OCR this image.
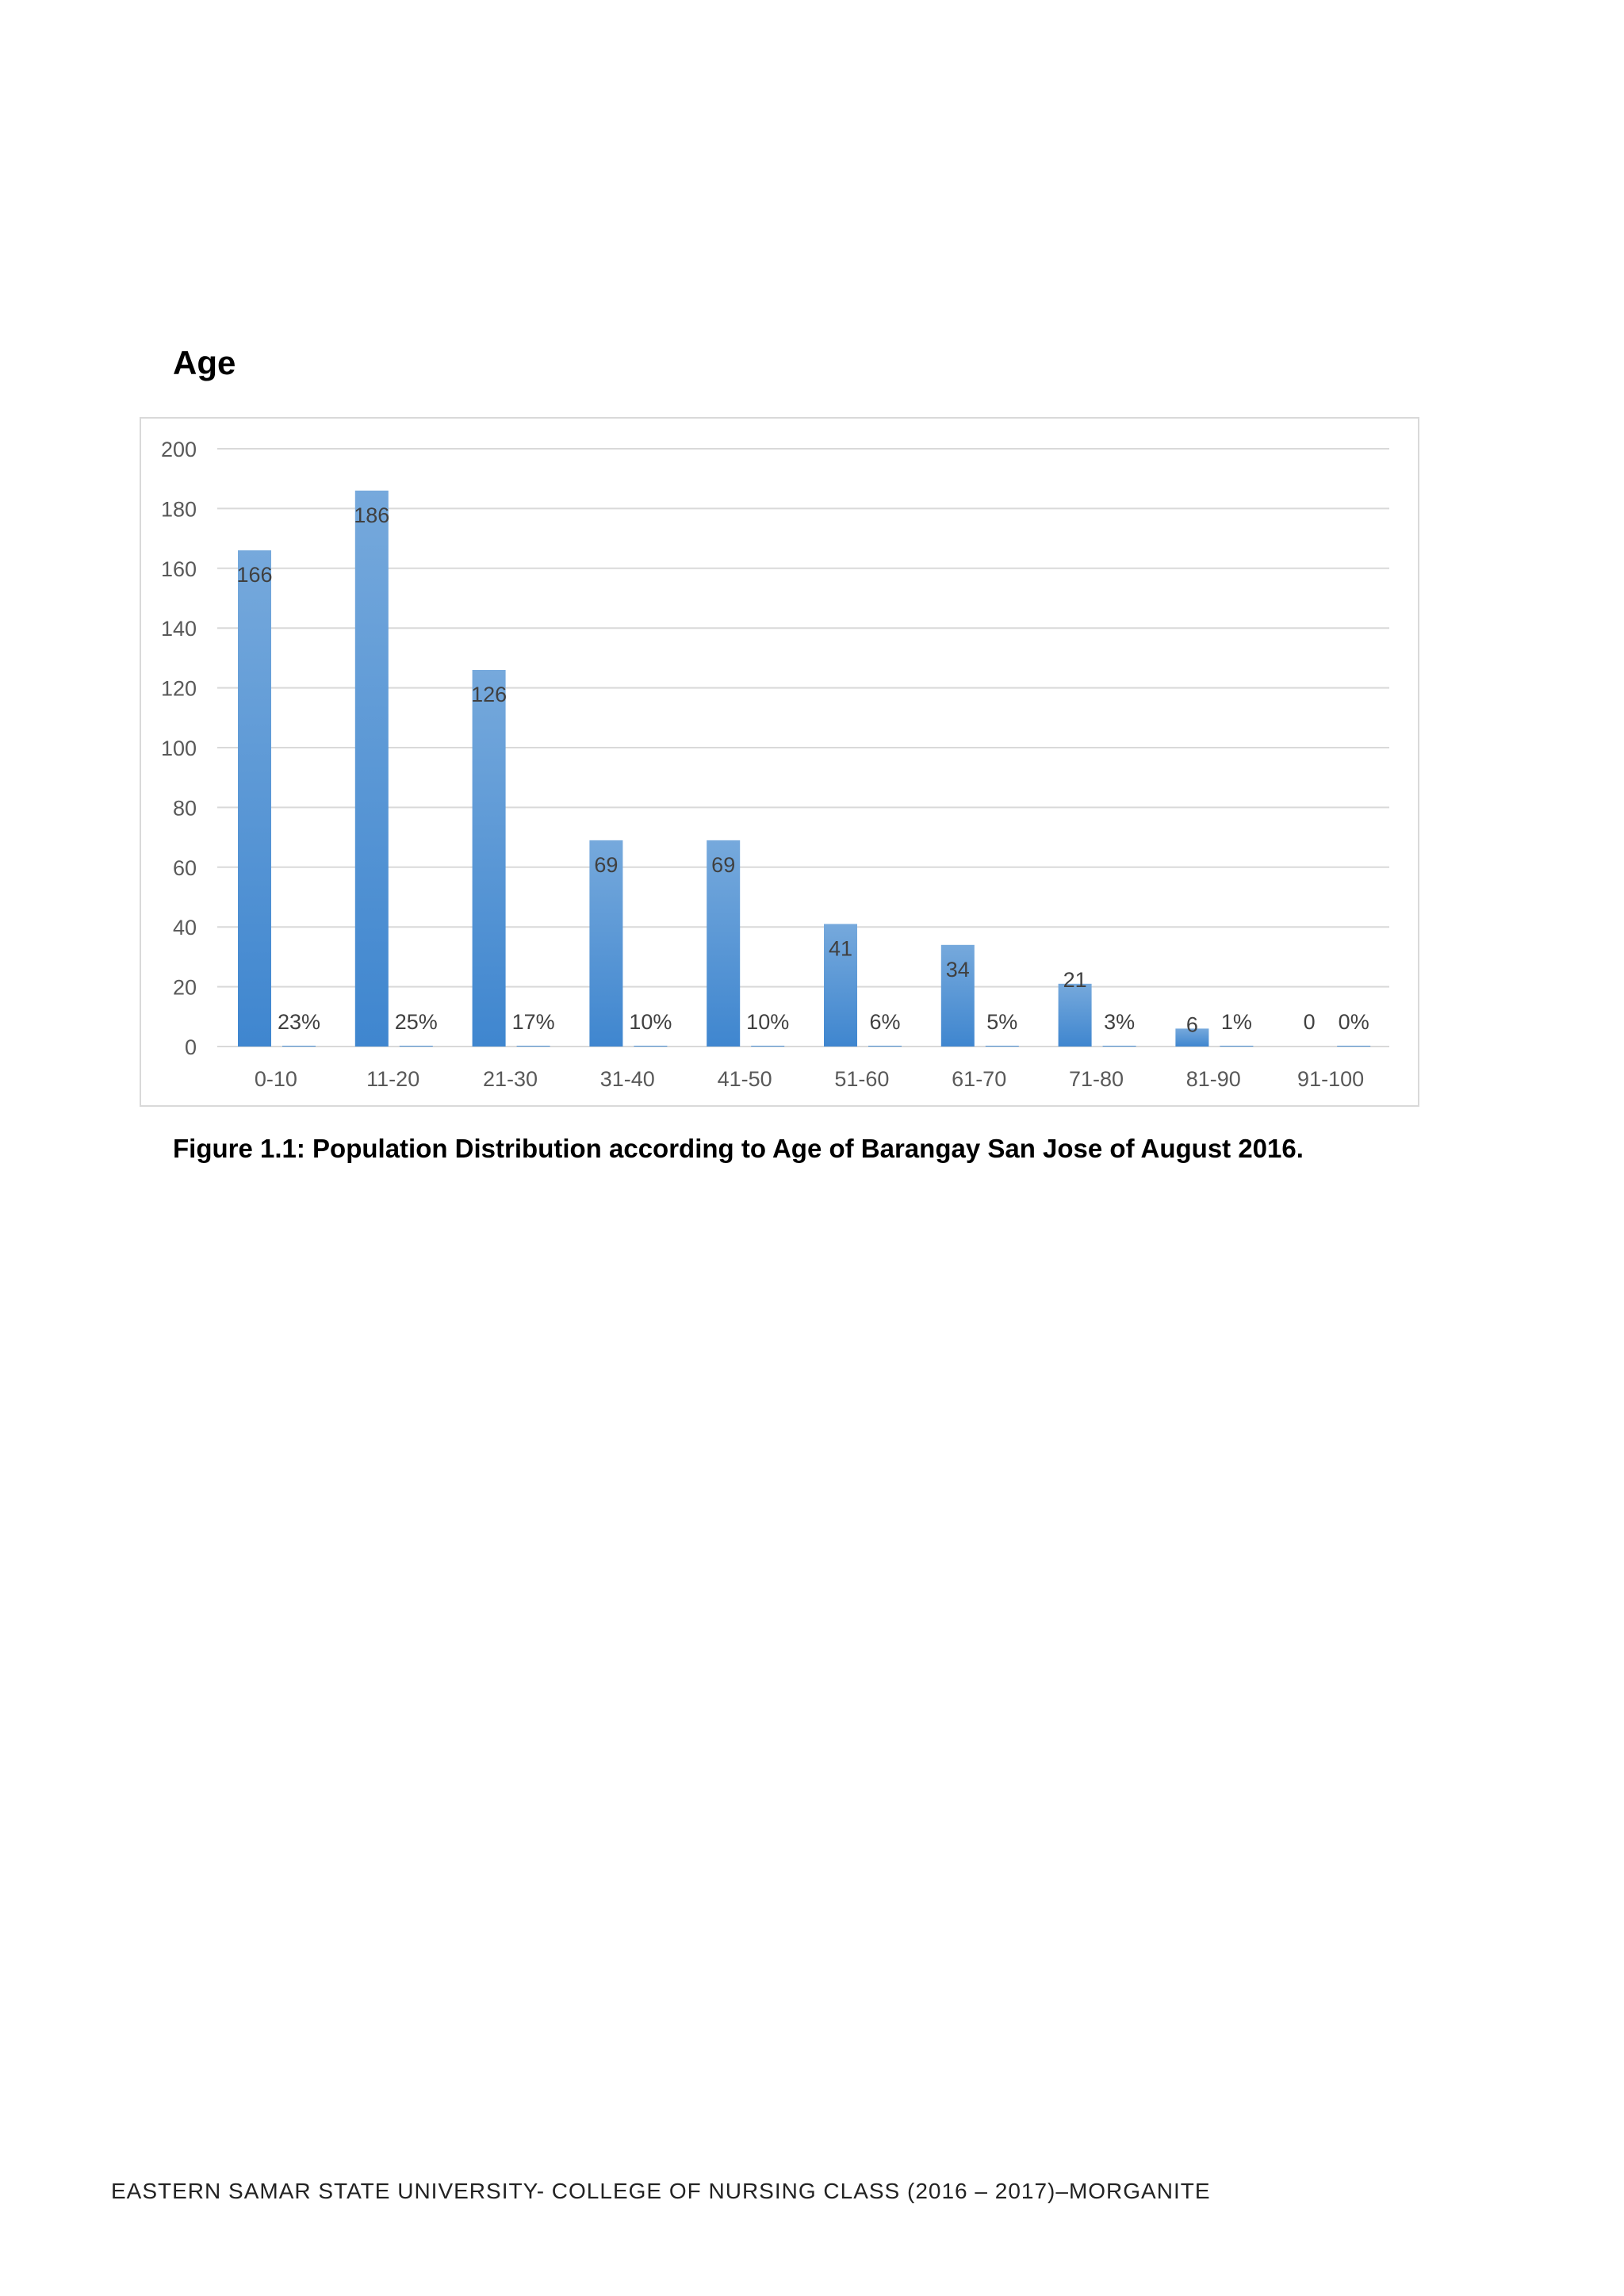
Age
0
20
40
60
80
100
120
140
160
180
200
166
23%
186
25%
126
17%
69
10%
69
10%
41
6%
34
5%
21
3% 6 1% 0 0%
0-10	11-20	21-30	31-40	41-50	51-60	61-70	71-80	81-90	91-100
Figure 1.1: Population Distribution according to Age of Barangay San Jose of August 2016.
EASTERN SAMAR STATE UNIVERSITY- COLLEGE OF NURSING CLASS (2016 – 2017)–MORGANITE
